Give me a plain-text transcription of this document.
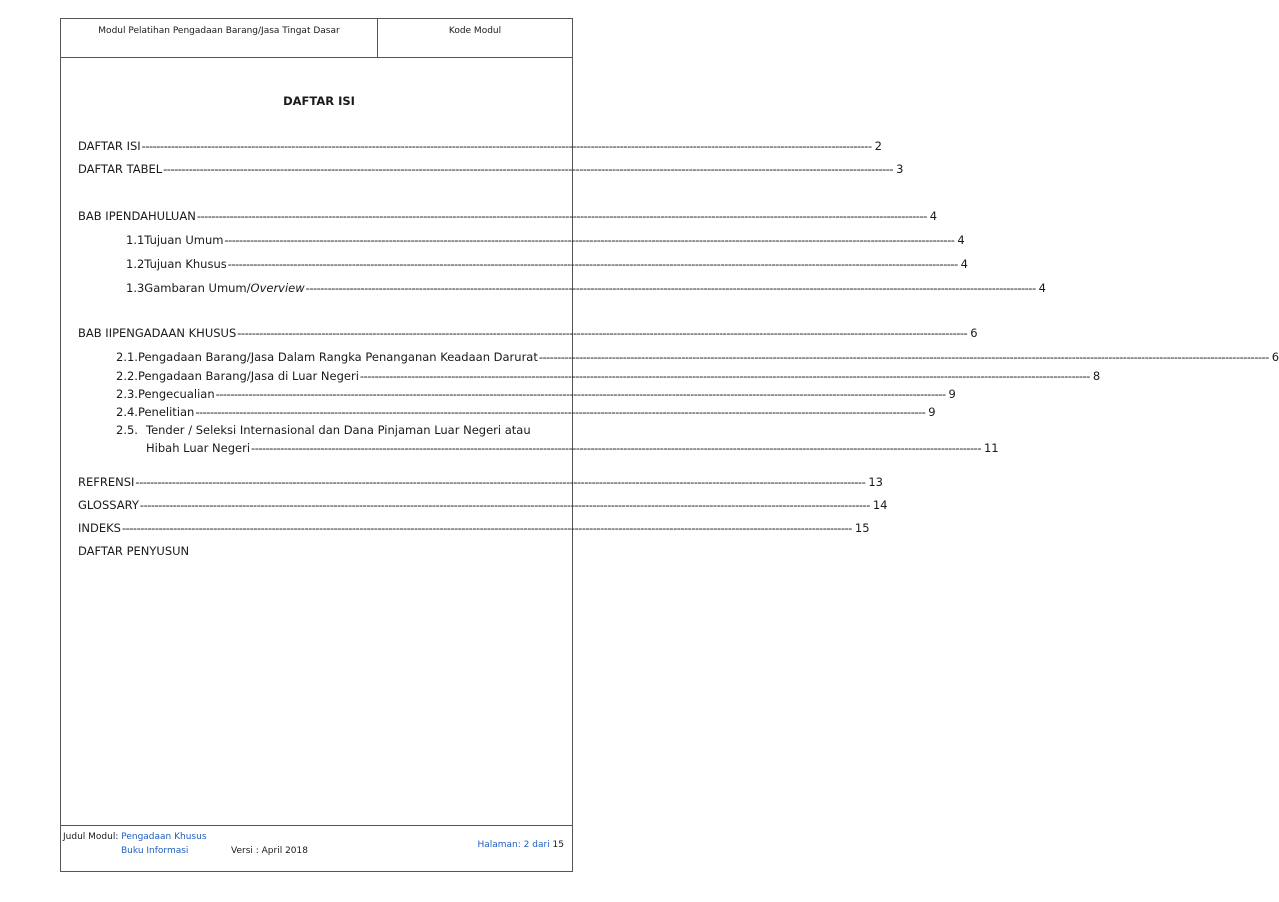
Modul Pelatihan Pengadaan Barang/Jasa Tingat Dasar	Kode Modul
Judul Modul: Pengadaan Khusus
Buku Informasi	Versi : April 2018
Halaman: 2 dari 15
DAFTAR ISI
DAFTAR ISI -------------------------------------------------------------------------------------------------------------------------------------------------------------------------------------------------------- 2
DAFTAR TABEL -------------------------------------------------------------------------------------------------------------------------------------------------------------------------------------------------------- 3
BAB I PENDAHULUAN -------------------------------------------------------------------------------------------------------------------------------------------------------------------------------------------------------- 4
1.1 Tujuan Umum -------------------------------------------------------------------------------------------------------------------------------------------------------------------------------------------------------- 4
1.2 Tujuan Khusus -------------------------------------------------------------------------------------------------------------------------------------------------------------------------------------------------------- 4
1.3 Gambaran Umum/ Overview -------------------------------------------------------------------------------------------------------------------------------------------------------------------------------------------------------- 4
BAB II PENGADAAN KHUSUS -------------------------------------------------------------------------------------------------------------------------------------------------------------------------------------------------------- 6
2.1. Pengadaan Barang/Jasa Dalam Rangka Penanganan Keadaan Darurat -------------------------------------------------------------------------------------------------------------------------------------------------------------------------------------------------------- 6
2.2. Pengadaan Barang/Jasa di Luar Negeri -------------------------------------------------------------------------------------------------------------------------------------------------------------------------------------------------------- 8
2.3. Pengecualian -------------------------------------------------------------------------------------------------------------------------------------------------------------------------------------------------------- 9
2.4. Penelitian -------------------------------------------------------------------------------------------------------------------------------------------------------------------------------------------------------- 9
2.5. Tender / Seleksi Internasional dan Dana Pinjaman Luar Negeri atau
Hibah Luar Negeri -------------------------------------------------------------------------------------------------------------------------------------------------------------------------------------------------------- 11
REFRENSI -------------------------------------------------------------------------------------------------------------------------------------------------------------------------------------------------------- 13
GLOSSARY -------------------------------------------------------------------------------------------------------------------------------------------------------------------------------------------------------- 14
INDEKS -------------------------------------------------------------------------------------------------------------------------------------------------------------------------------------------------------- 15
DAFTAR PENYUSUN
